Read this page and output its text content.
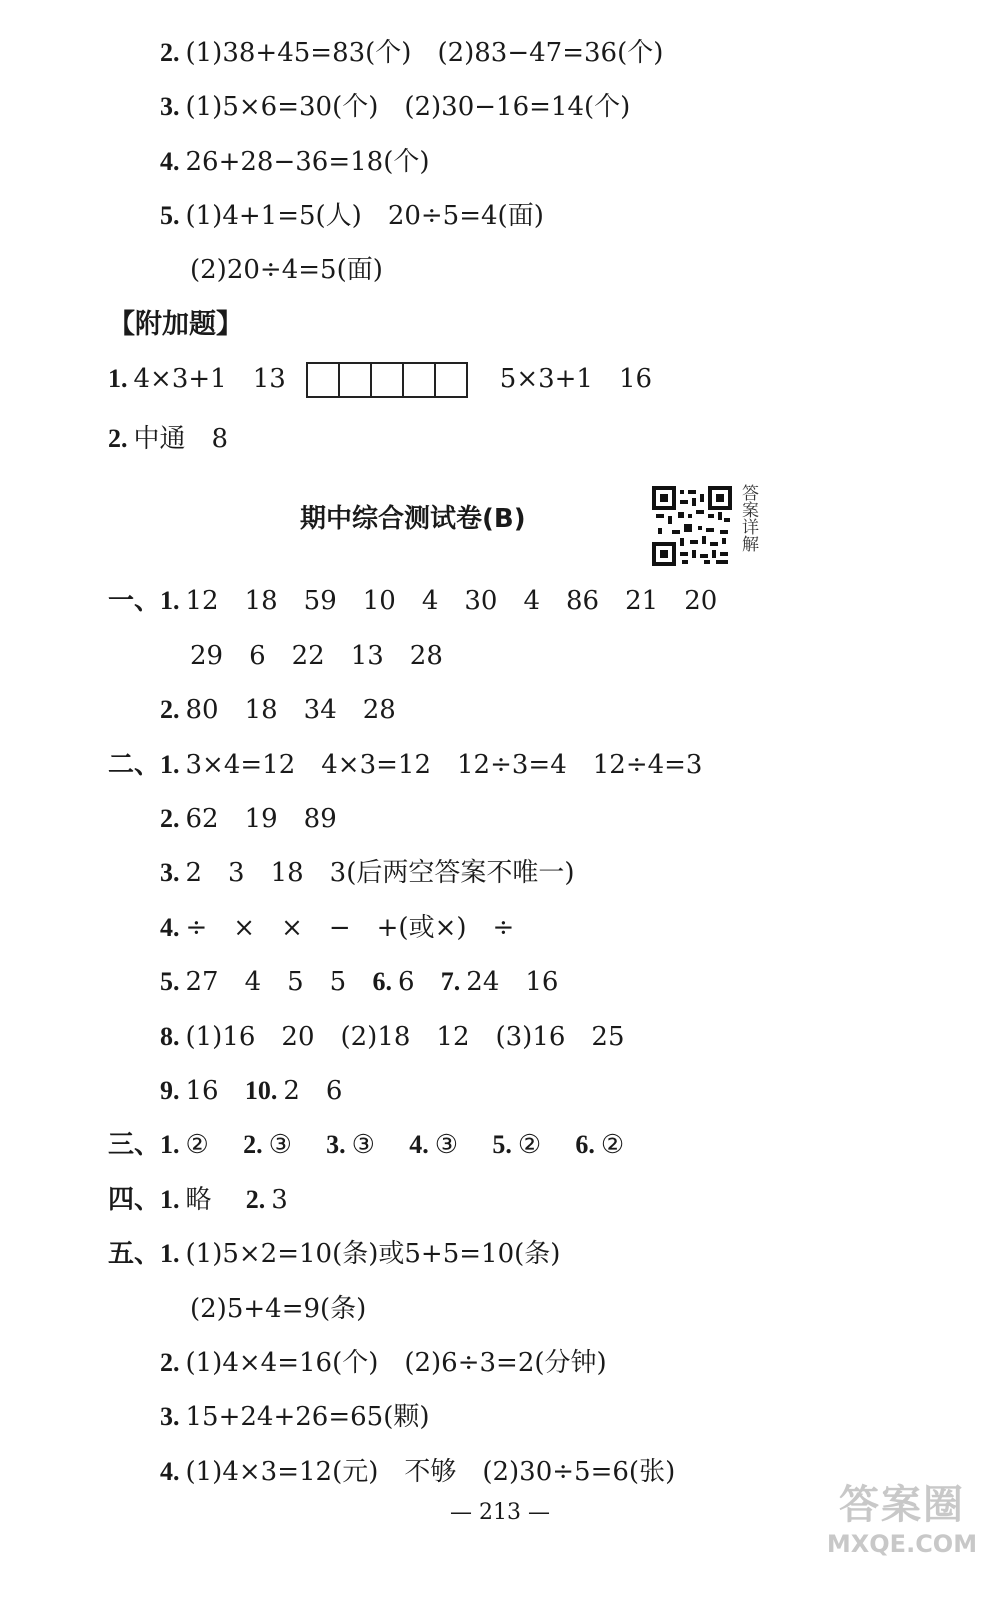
2. (1)38+45=83(个)　(2)83−47=36(个)
3. (1)5×6=30(个)　(2)30−16=14(个)
4. 26+28−36=18(个)
5. (1)4+1=5(人)　20÷5=4(面)
(2)20÷4=5(面)
【附加题】
1. 4×3+1　13	5×3+1　16
2. 中通　8
期中综合测试卷(B)	答案详解
一、1. 12　18　59　10　4　30　4　86　21　20
29　6　22　13　28
2. 80　18　34　28
二、1. 3×4=12　4×3=12　12÷3=4　12÷4=3
2. 62　19　89
3. 2　3　18　3(后两空答案不唯一)
4. ÷　×　×　−　+(或×)　÷
5. 27　4　5　5 6. 6 7. 24　16
8. (1)16　20　(2)18　12　(3)16　25
9. 16 10. 2　6
三、1. ② 2. ③ 3. ③ 4. ③ 5. ② 6. ②
四、1. 略 2. 3
五、1. (1)5×2=10(条)或5+5=10(条)
(2)5+4=9(条)
2. (1)4×4=16(个)　(2)6÷3=2(分钟)
3. 15+24+26=65(颗)
4. (1)4×3=12(元)　不够　(2)30÷5=6(张)
— 213 —	答案圈
MXQE.COM
